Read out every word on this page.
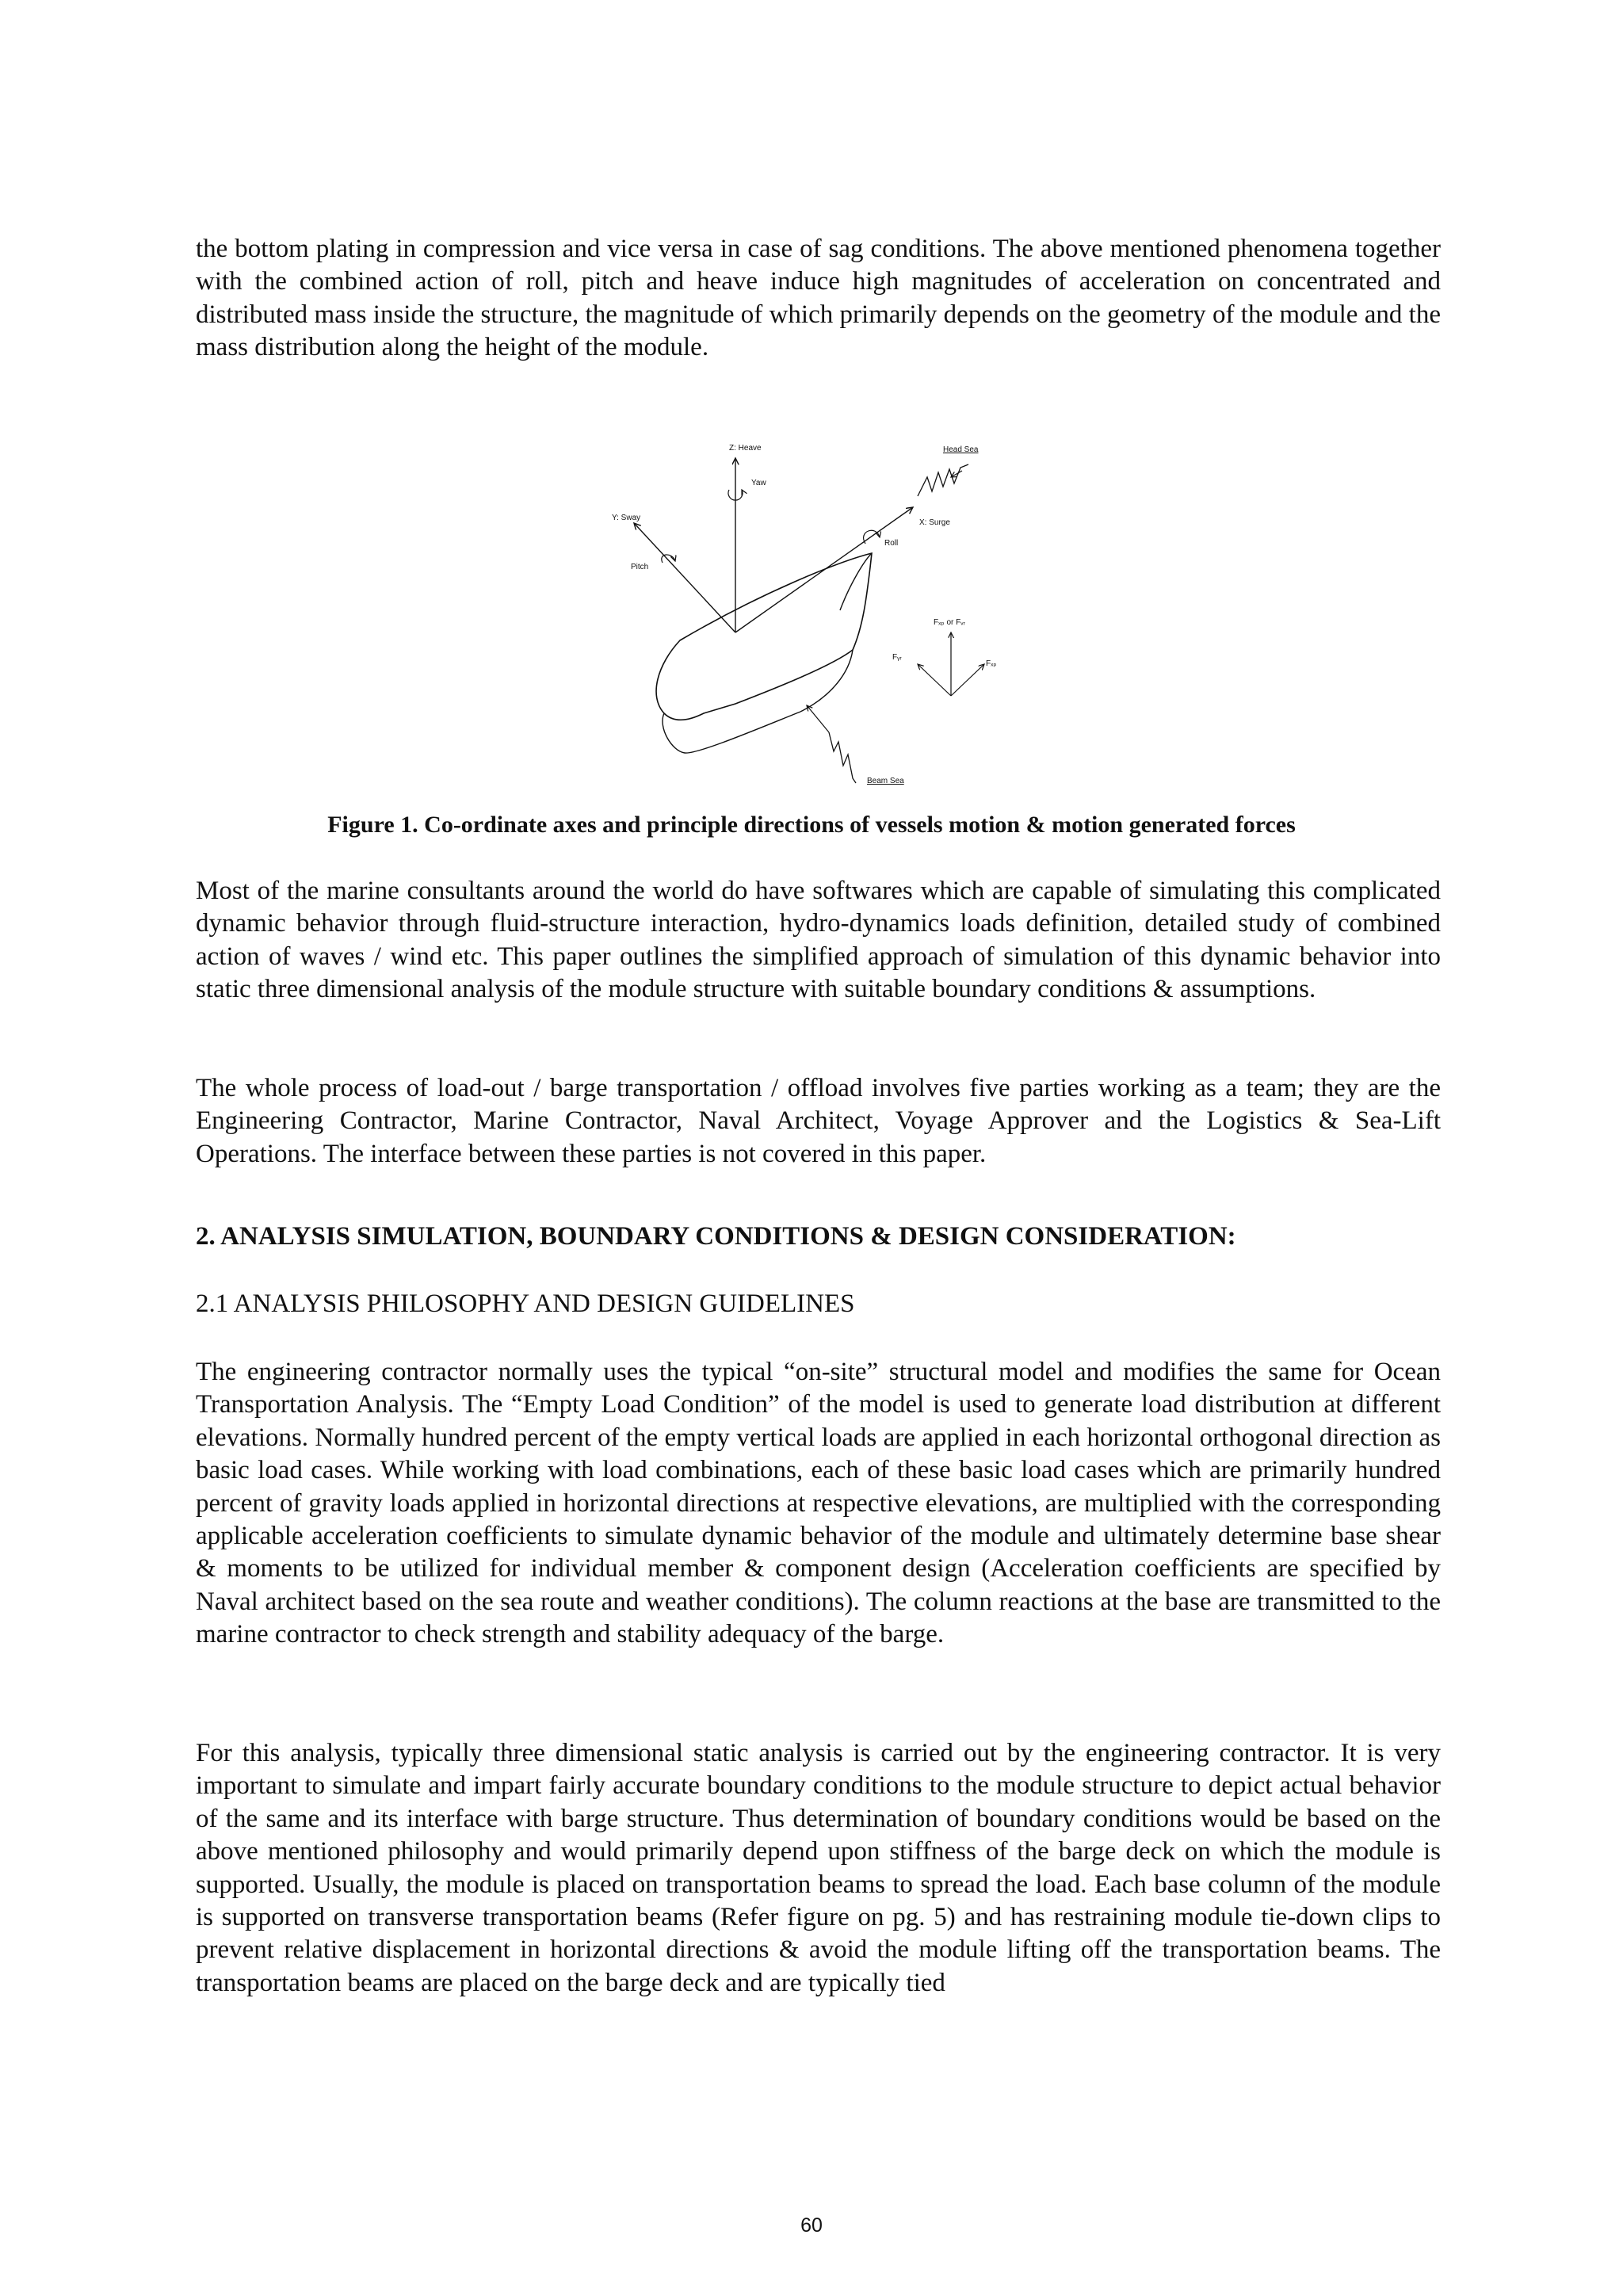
the bottom plating in compression and vice versa in case of sag conditions. The above mentioned phenomena together with the combined action of roll, pitch and heave induce high magnitudes of acceleration on concentrated and distributed mass inside the structure, the magnitude of which primarily depends on the geometry of the module and the mass distribution along the height of the module.

Z: Heave
Yaw
Y: Sway
Pitch
X: Surge
Roll
Head Sea
Fₓₚ or Fᵥᵣ
Fᵧᵣ
Fₓₚ
Beam Sea

Figure 1. Co-ordinate axes and principle directions of vessels motion & motion generated forces

Most of the marine consultants around the world do have softwares which are capable of simulating this complicated dynamic behavior through fluid-structure interaction, hydro-dynamics loads definition, detailed study of combined action of waves / wind etc. This paper outlines the simplified approach of simulation of this dynamic behavior into static three dimensional analysis of the module structure with suitable boundary conditions & assumptions.

The whole process of load-out / barge transportation / offload involves five parties working as a team; they are the Engineering Contractor, Marine Contractor, Naval Architect, Voyage Approver and the Logistics & Sea-Lift Operations. The interface between these parties is not covered in this paper.

2. ANALYSIS SIMULATION, BOUNDARY CONDITIONS & DESIGN CONSIDERATION:

2.1 ANALYSIS PHILOSOPHY AND DESIGN GUIDELINES

The engineering contractor normally uses the typical “on-site” structural model and modifies the same for Ocean Transportation Analysis. The “Empty Load Condition” of the model is used to generate load distribution at different elevations. Normally hundred percent of the empty vertical loads are applied in each horizontal orthogonal direction as basic load cases. While working with load combinations, each of these basic load cases which are primarily hundred percent of gravity loads applied in horizontal directions at respective elevations, are multiplied with the corresponding applicable acceleration coefficients to simulate dynamic behavior of the module and ultimately determine base shear & moments to be utilized for individual member & component design (Acceleration coefficients are specified by Naval architect based on the sea route and weather conditions). The column reactions at the base are transmitted to the marine contractor to check strength and stability adequacy of the barge.

For this analysis, typically three dimensional static analysis is carried out by the engineering contractor. It is very important to simulate and impart fairly accurate boundary conditions to the module structure to depict actual behavior of the same and its interface with barge structure. Thus determination of boundary conditions would be based on the above mentioned philosophy and would primarily depend upon stiffness of the barge deck on which the module is supported. Usually, the module is placed on transportation beams to spread the load. Each base column of the module is supported on transverse transportation beams (Refer figure on pg. 5) and has restraining module tie-down clips to prevent relative displacement in horizontal directions & avoid the module lifting off the transportation beams. The transportation beams are placed on the barge deck and are typically tied

60
